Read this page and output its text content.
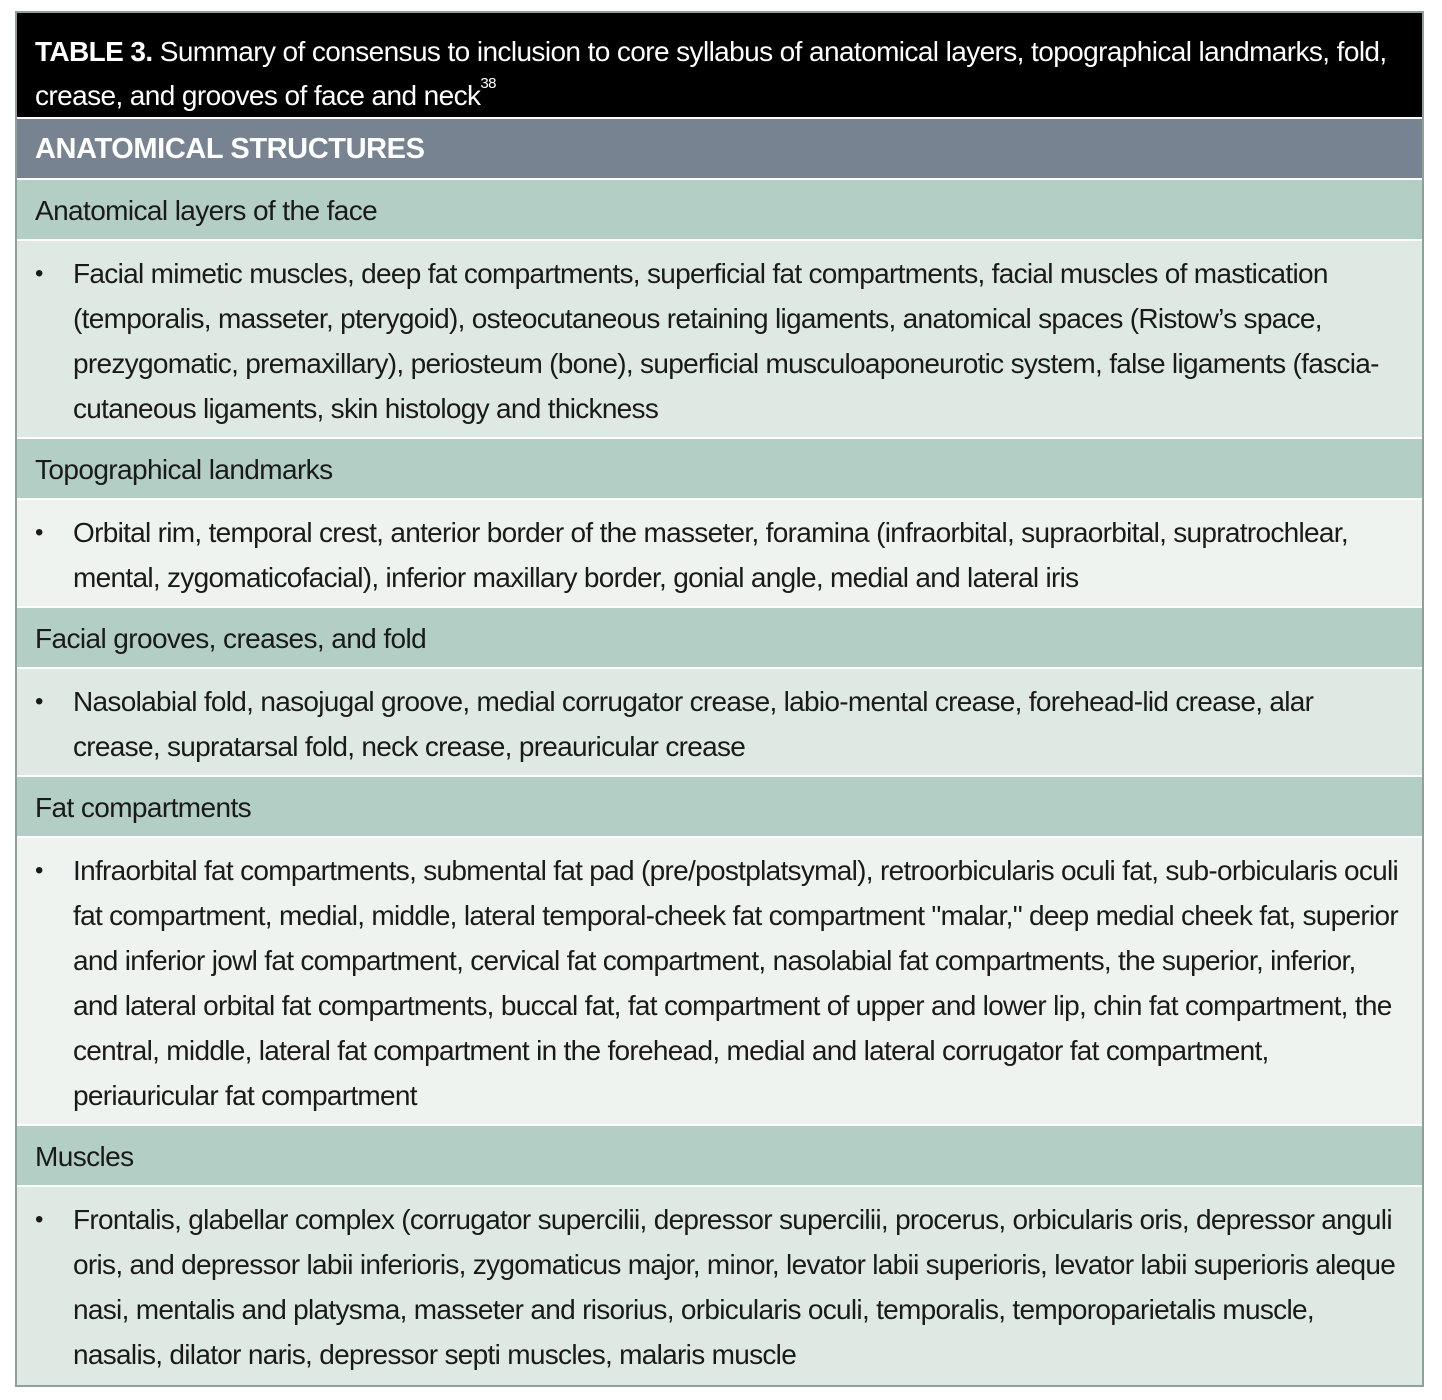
TABLE 3. Summary of consensus to inclusion to core syllabus of anatomical layers, topographical landmarks, fold, crease, and grooves of face and neck$^{38}$
ANATOMICAL STRUCTURES
Anatomical layers of the face
•	Facial mimetic muscles, deep fat compartments, superficial fat compartments, facial muscles of mastication (temporalis, masseter, pterygoid), osteocutaneous retaining ligaments, anatomical spaces (Ristow’s space, prezygomatic, premaxillary), periosteum (bone), superficial musculoaponeurotic system, false ligaments (fascia-cutaneous ligaments, skin histology and thickness
Topographical landmarks
•	Orbital rim, temporal crest, anterior border of the masseter, foramina (infraorbital, supraorbital, supratrochlear, mental, zygomaticofacial), inferior maxillary border, gonial angle, medial and lateral iris
Facial grooves, creases, and fold
•	Nasolabial fold, nasojugal groove, medial corrugator crease, labio-mental crease, forehead-lid crease, alar crease, supratarsal fold, neck crease, preauricular crease
Fat compartments
•	Infraorbital fat compartments, submental fat pad (pre/postplatsymal), retroorbicularis oculi fat, sub-orbicularis oculi fat compartment, medial, middle, lateral temporal-cheek fat compartment "malar," deep medial cheek fat, superior and inferior jowl fat compartment, cervical fat compartment, nasolabial fat compartments, the superior, inferior, and lateral orbital fat compartments, buccal fat, fat compartment of upper and lower lip, chin fat compartment, the central, middle, lateral fat compartment in the forehead, medial and lateral corrugator fat compartment, periauricular fat compartment
Muscles
•	Frontalis, glabellar complex (corrugator supercilii, depressor supercilii, procerus, orbicularis oris, depressor anguli oris, and depressor labii inferioris, zygomaticus major, minor, levator labii superioris, levator labii superioris aleque nasi, mentalis and platysma, masseter and risorius, orbicularis oculi, temporalis, temporoparietalis muscle, nasalis, dilator naris, depressor septi muscles, malaris muscle
